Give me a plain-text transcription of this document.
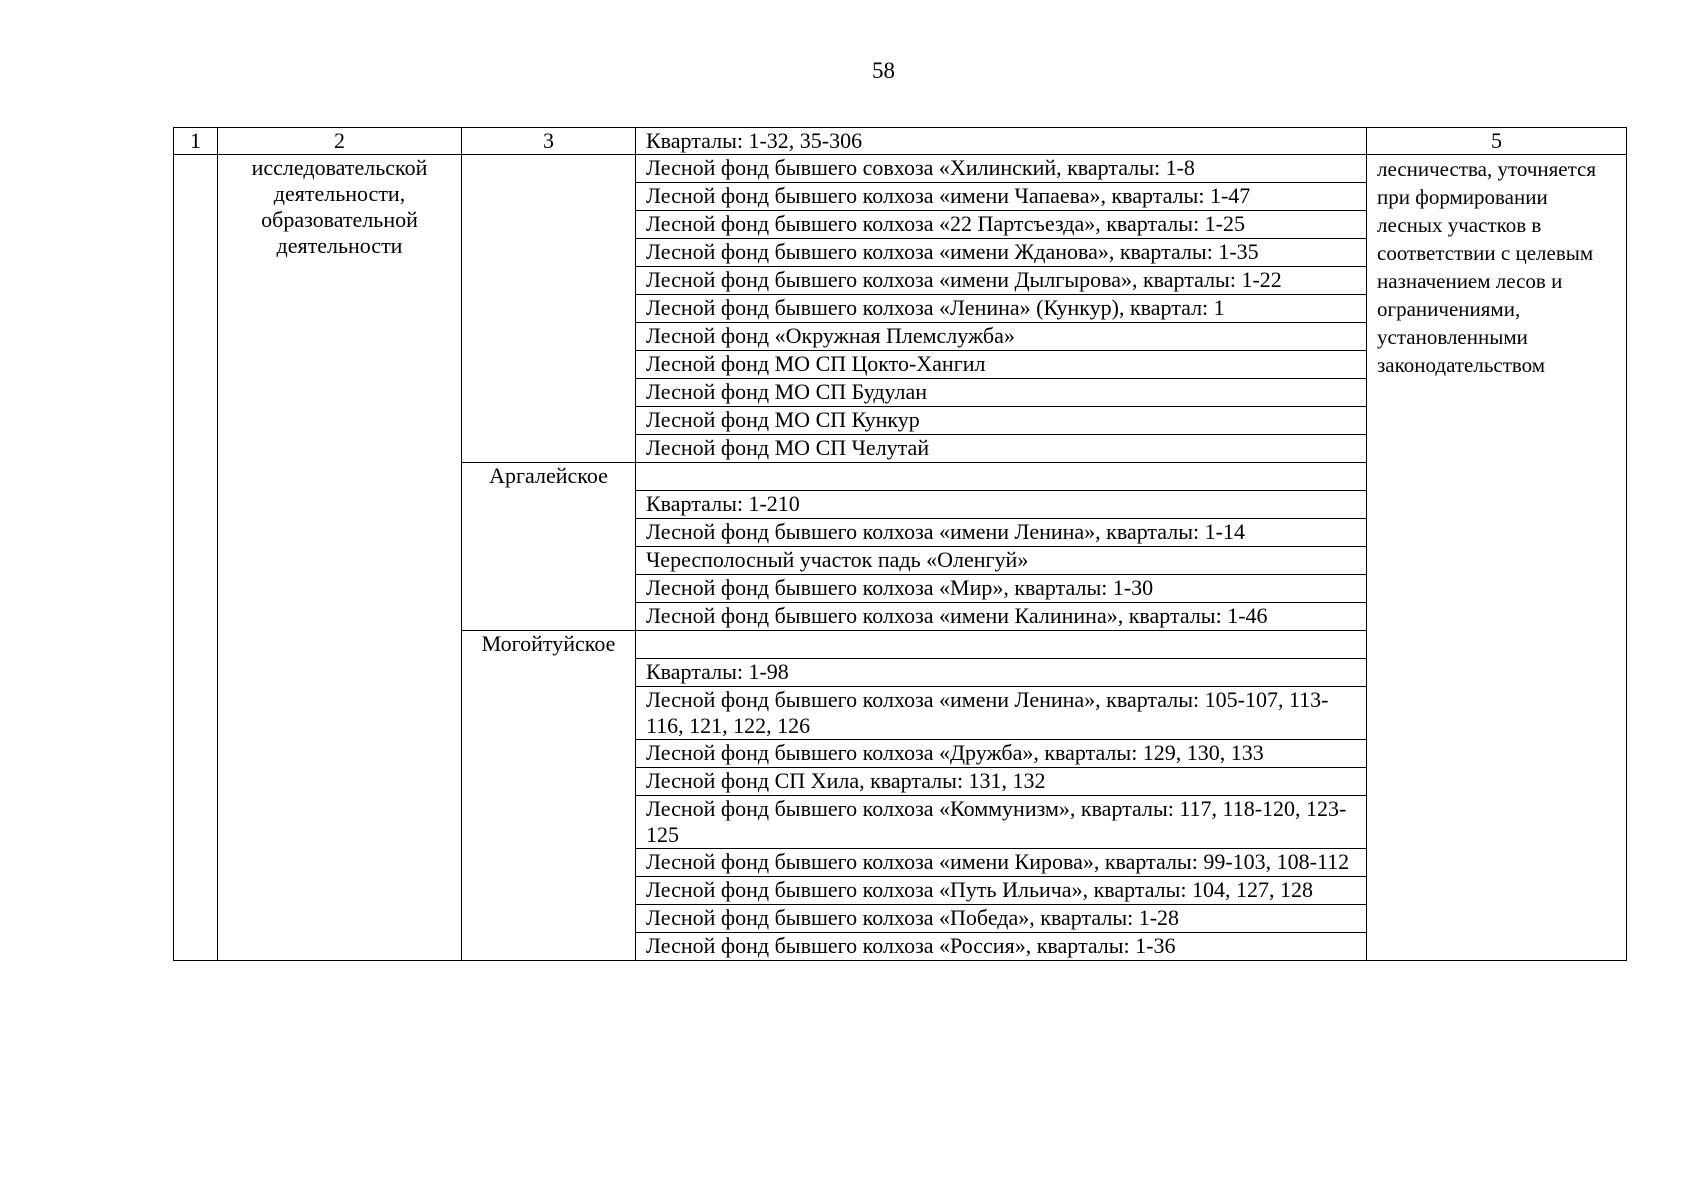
58
1	2	3	Кварталы: 1-32, 35-306	5
	исследовательской деятельности, образовательной деятельности		Лесной фонд бывшего совхоза «Хилинский, кварталы: 1-8	лесничества, уточняется при формировании лесных участков в соответствии с целевым назначением лесов и ограничениями, установленными законодательством
			Лесной фонд бывшего колхоза «имени Чапаева», кварталы: 1-47	
			Лесной фонд бывшего колхоза «22 Партсъезда», кварталы: 1-25	
			Лесной фонд бывшего колхоза «имени Жданова», кварталы: 1-35	
			Лесной фонд бывшего колхоза «имени Дылгырова», кварталы: 1-22	
			Лесной фонд бывшего колхоза «Ленина» (Кункур), квартал: 1	
			Лесной фонд «Окружная Племслужба»	
			Лесной фонд МО СП Цокто-Хангил	
			Лесной фонд МО СП Будулан	
			Лесной фонд МО СП Кункур	
			Лесной фонд МО СП Челутай	
		Аргалейское		
			Кварталы: 1-210	
			Лесной фонд бывшего колхоза «имени Ленина», кварталы: 1-14	
			Чересполосный участок падь «Оленгуй»	
			Лесной фонд бывшего колхоза «Мир», кварталы: 1-30	
			Лесной фонд бывшего колхоза «имени Калинина», кварталы: 1-46	
		Могойтуйское		
			Кварталы: 1-98	
			Лесной фонд бывшего колхоза «имени Ленина», кварталы: 105-107, 113-
116, 121, 122, 126	
			Лесной фонд бывшего колхоза «Дружба», кварталы: 129, 130, 133	
			Лесной фонд СП Хила, кварталы: 131, 132	
			Лесной фонд бывшего колхоза «Коммунизм», кварталы: 117, 118-120, 123-
125	
			Лесной фонд бывшего колхоза «имени Кирова», кварталы: 99-103, 108-112	
			Лесной фонд бывшего колхоза «Путь Ильича», кварталы: 104, 127, 128	
			Лесной фонд бывшего колхоза «Победа», кварталы: 1-28	
			Лесной фонд бывшего колхоза «Россия», кварталы: 1-36	
